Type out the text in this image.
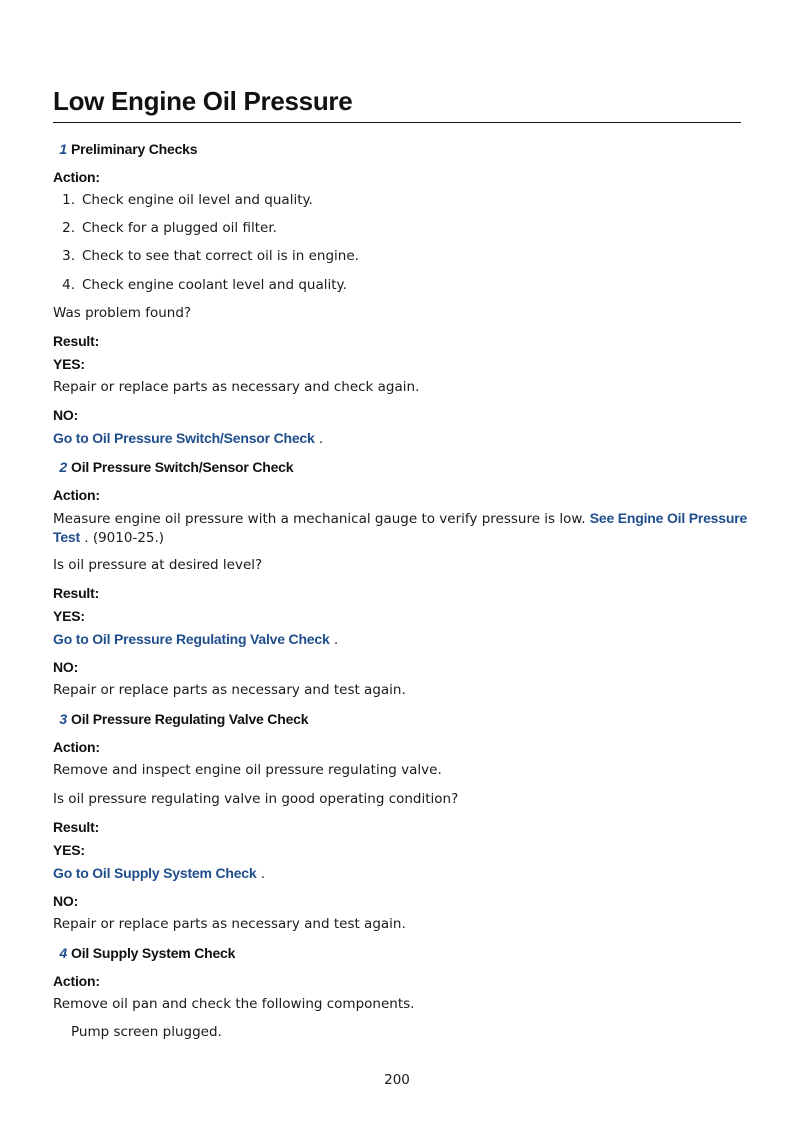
Low Engine Oil Pressure
1 Preliminary Checks
Action:
1. Check engine oil level and quality.
2. Check for a plugged oil filter.
3. Check to see that correct oil is in engine.
4. Check engine coolant level and quality.
Was problem found?
Result:
YES:
Repair or replace parts as necessary and check again.
NO:
Go to Oil Pressure Switch/Sensor Check .
2 Oil Pressure Switch/Sensor Check
Action:
Measure engine oil pressure with a mechanical gauge to verify pressure is low. See Engine Oil Pressure
Test . (9010-25.)
Is oil pressure at desired level?
Result:
YES:
Go to Oil Pressure Regulating Valve Check .
NO:
Repair or replace parts as necessary and test again.
3 Oil Pressure Regulating Valve Check
Action:
Remove and inspect engine oil pressure regulating valve.
Is oil pressure regulating valve in good operating condition?
Result:
YES:
Go to Oil Supply System Check .
NO:
Repair or replace parts as necessary and test again.
4 Oil Supply System Check
Action:
Remove oil pan and check the following components.
Pump screen plugged.
200
